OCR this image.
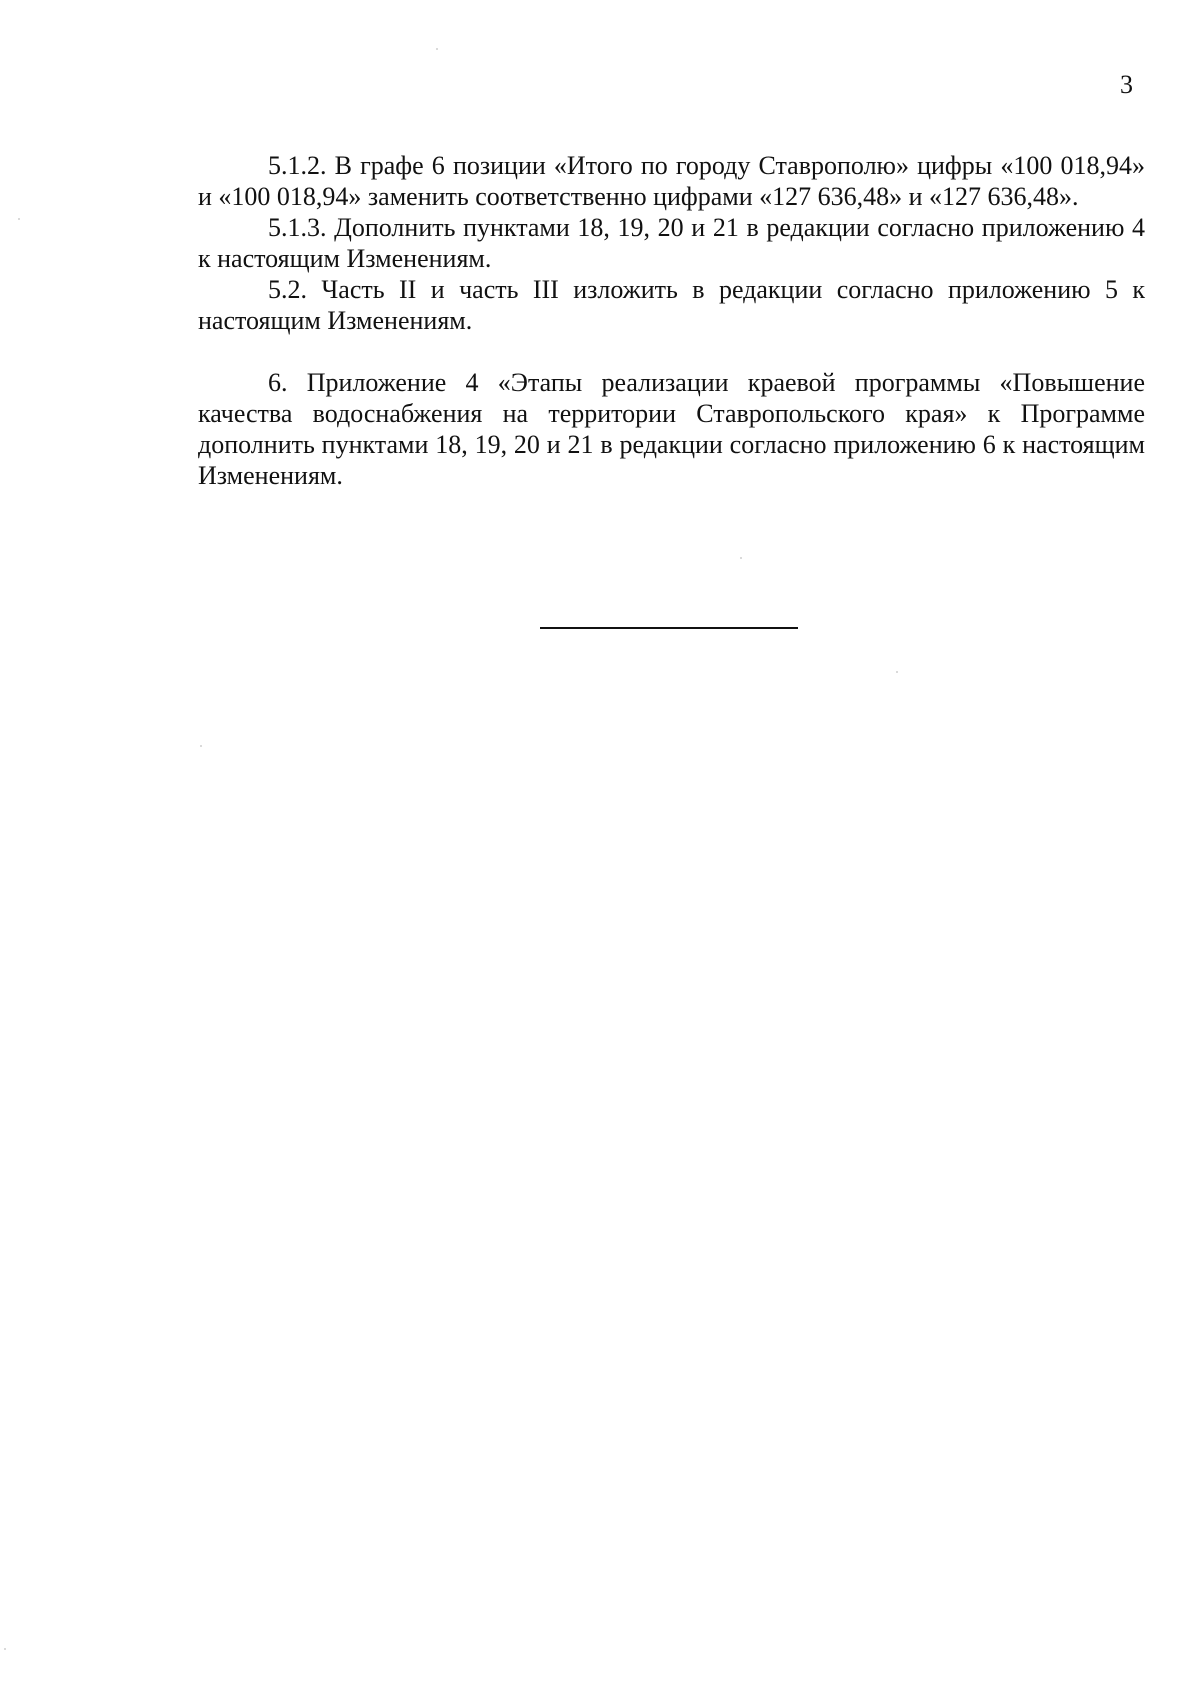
3

5.1.2. В графе 6 позиции «Итого по городу Ставрополю» цифры «100 018,94» и «100 018,94» заменить соответственно цифрами «127 636,48» и «127 636,48».

5.1.3. Дополнить пунктами 18, 19, 20 и 21 в редакции согласно приложению 4 к настоящим Изменениям.

5.2. Часть II и часть III изложить в редакции согласно приложению 5 к настоящим Изменениям.

6. Приложение 4 «Этапы реализации краевой программы «Повышение качества водоснабжения на территории Ставропольского края» к Программе дополнить пунктами 18, 19, 20 и 21 в редакции согласно приложению 6 к настоящим Изменениям.
